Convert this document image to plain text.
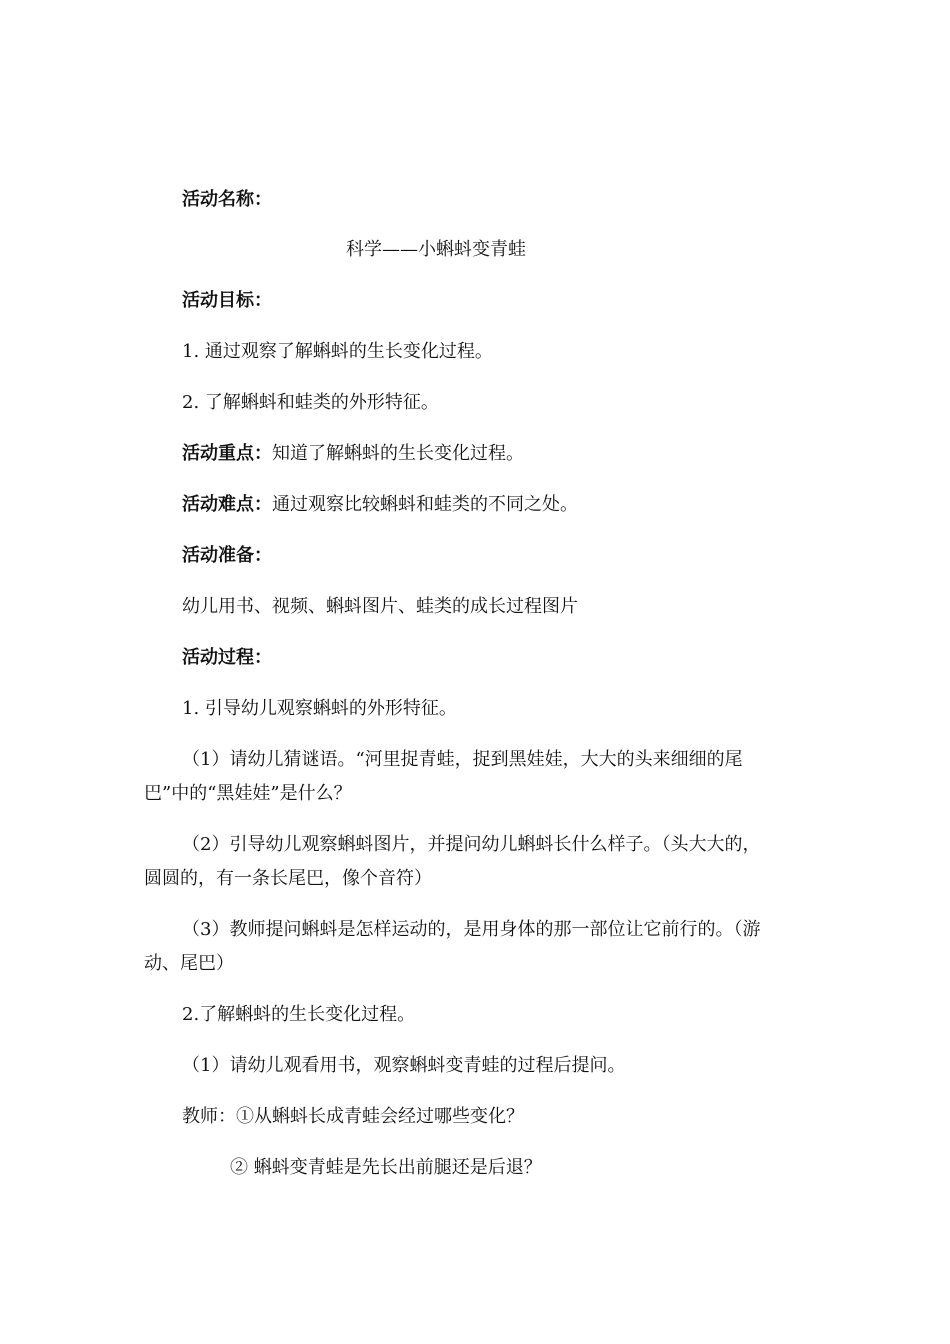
活动名称：
科学——小蝌蚪变青蛙
活动目标：
1. 通过观察了解蝌蚪的生长变化过程。
2. 了解蝌蚪和蛙类的外形特征。
活动重点：知道了解蝌蚪的生长变化过程。
活动难点：通过观察比较蝌蚪和蛙类的不同之处。
活动准备：
幼儿用书、视频、蝌蚪图片、蛙类的成长过程图片
活动过程：
1. 引导幼儿观察蝌蚪的外形特征。
（1）请幼儿猜谜语。“河里捉青蛙，捉到黑娃娃，大大的头来细细的尾
巴”中的“黑娃娃”是什么？
（2）引导幼儿观察蝌蚪图片，并提问幼儿蝌蚪长什么样子。（头大大的，
圆圆的，有一条长尾巴，像个音符）
（3）教师提问蝌蚪是怎样运动的，是用身体的那一部位让它前行的。（游
动、尾巴）
2.了解蝌蚪的生长变化过程。
（1）请幼儿观看用书，观察蝌蚪变青蛙的过程后提问。
教师：①从蝌蚪长成青蛙会经过哪些变化？
② 蝌蚪变青蛙是先长出前腿还是后退？
